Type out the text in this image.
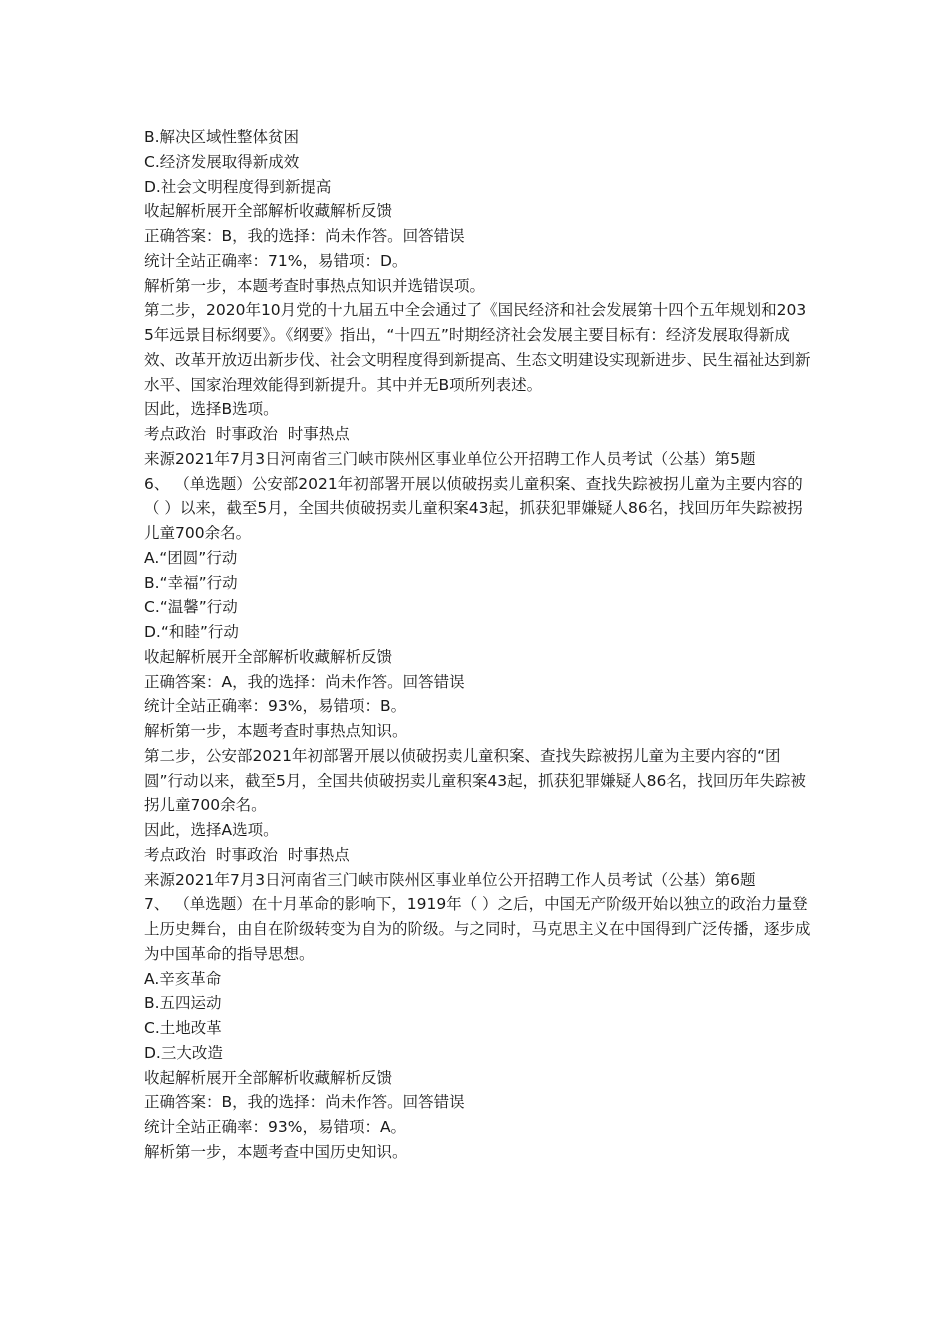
B.解决区域性整体贫困

C.经济发展取得新成效

D.社会文明程度得到新提高

收起解析展开全部解析收藏解析反馈

正确答案：B，我的选择：尚未作答。回答错误

统计全站正确率：71%，易错项：D。

解析第一步，本题考查时事热点知识并选错误项。

第二步，2020年10月党的十九届五中全会通过了《国民经济和社会发展第十四个五年规划和2035年远景目标纲要》。《纲要》指出，“十四五”时期经济社会发展主要目标有：经济发展取得新成效、改革开放迈出新步伐、社会文明程度得到新提高、生态文明建设实现新进步、民生福祉达到新水平、国家治理效能得到新提升。其中并无B项所列表述。

因此，选择B选项。

考点政治  时事政治  时事热点

来源2021年7月3日河南省三门峡市陕州区事业单位公开招聘工作人员考试（公基）第5题

6、 （单选题）公安部2021年初部署开展以侦破拐卖儿童积案、查找失踪被拐儿童为主要内容的（ ）以来，截至5月，全国共侦破拐卖儿童积案43起，抓获犯罪嫌疑人86名，找回历年失踪被拐儿童700余名。

A.“团圆”行动

B.“幸福”行动

C.“温馨”行动

D.“和睦”行动

收起解析展开全部解析收藏解析反馈

正确答案：A，我的选择：尚未作答。回答错误

统计全站正确率：93%，易错项：B。

解析第一步，本题考查时事热点知识。

第二步，公安部2021年初部署开展以侦破拐卖儿童积案、查找失踪被拐儿童为主要内容的“团圆”行动以来，截至5月，全国共侦破拐卖儿童积案43起，抓获犯罪嫌疑人86名，找回历年失踪被拐儿童700余名。

因此，选择A选项。

考点政治  时事政治  时事热点

来源2021年7月3日河南省三门峡市陕州区事业单位公开招聘工作人员考试（公基）第6题

7、 （单选题）在十月革命的影响下，1919年（ ）之后，中国无产阶级开始以独立的政治力量登上历史舞台，由自在阶级转变为自为的阶级。与之同时，马克思主义在中国得到广泛传播，逐步成为中国革命的指导思想。

A.辛亥革命

B.五四运动

C.土地改革

D.三大改造

收起解析展开全部解析收藏解析反馈

正确答案：B，我的选择：尚未作答。回答错误

统计全站正确率：93%，易错项：A。

解析第一步，本题考查中国历史知识。
